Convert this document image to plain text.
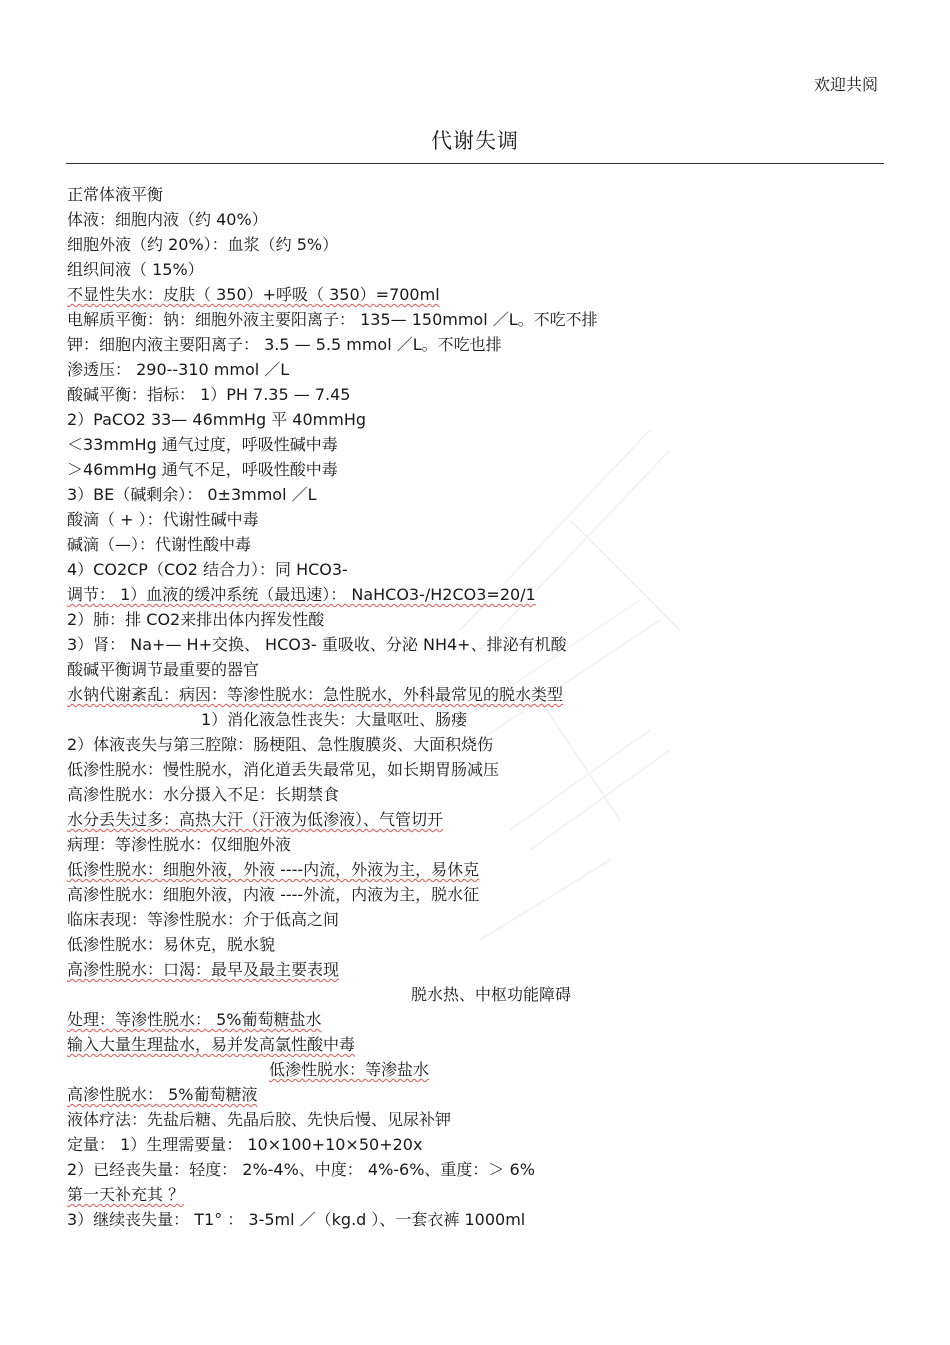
欢迎共阅
代谢失调
正常体液平衡
体液：细胞内液（约 40%）
细胞外液（约 20%）：血浆（约 5%）
组织间液（ 15%）
不显性失水：皮肤（ 350）+呼吸（ 350）=700ml
电解质平衡：钠：细胞外液主要阳离子： 135— 150mmol ／L。不吃不排
钾：细胞内液主要阳离子： 3.5 — 5.5 mmol ／L。不吃也排
渗透压： 290--310 mmol ／L
酸碱平衡：指标： 1）PH 7.35 — 7.45
2）PaCO2 33— 46mmHg 平 40mmHg
＜33mmHg 通气过度，呼吸性碱中毒
＞46mmHg 通气不足，呼吸性酸中毒
3）BE（碱剩余）： 0±3mmol ／L
酸滴（ + ）：代谢性碱中毒
碱滴（—）：代谢性酸中毒
4）CO2CP（CO2 结合力）：同 HCO3-
调节： 1）血液的缓冲系统（最迅速）： NaHCO3-/H2CO3=20/1
2）肺：排 CO2来排出体内挥发性酸
3）肾： Na+— H+交换、 HCO3- 重吸收、分泌 NH4+、排泌有机酸
酸碱平衡调节最重要的器官
水钠代谢紊乱：病因：等渗性脱水：急性脱水，外科最常见的脱水类型
1）消化液急性丧失：大量呕吐、肠瘘
2）体液丧失与第三腔隙：肠梗阻、急性腹膜炎、大面积烧伤
低渗性脱水：慢性脱水，消化道丢失最常见，如长期胃肠减压
高渗性脱水：水分摄入不足：长期禁食
水分丢失过多：高热大汗（汗液为低渗液）、气管切开
病理：等渗性脱水：仅细胞外液
低渗性脱水：细胞外液，外液 ----内流，外液为主，易休克
高渗性脱水：细胞外液，内液 ----外流，内液为主，脱水征
临床表现：等渗性脱水：介于低高之间
低渗性脱水：易休克，脱水貌
高渗性脱水：口渴：最早及最主要表现
脱水热、中枢功能障碍
处理：等渗性脱水： 5%葡萄糖盐水
输入大量生理盐水，易并发高氯性酸中毒
低渗性脱水：等渗盐水
高渗性脱水： 5%葡萄糖液
液体疗法：先盐后糖、先晶后胶、先快后慢、见尿补钾
定量： 1）生理需要量： 10×100+10×50+20x
2）已经丧失量：轻度： 2%-4%、中度： 4%-6%、重度：＞ 6%
第一天补充其 ？
3）继续丧失量： T1° ： 3-5ml ／（kg.d ）、一套衣裤 1000ml
